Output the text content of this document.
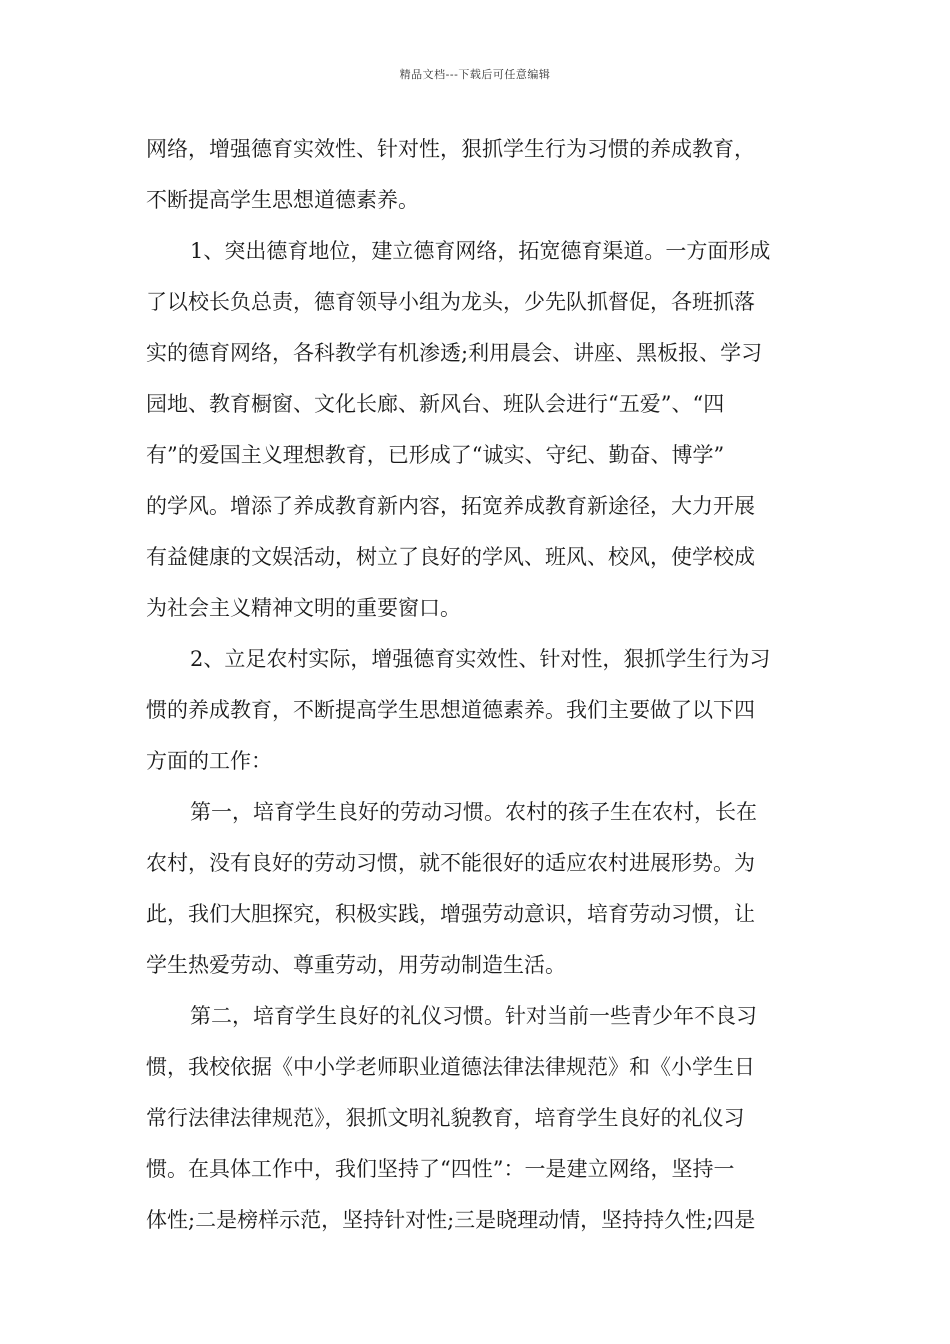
精品文档---下载后可任意编辑
网络，增强德育实效性、针对性，狠抓学生行为习惯的养成教育，
不断提高学生思想道德素养。
1、突出德育地位，建立德育网络，拓宽德育渠道。一方面形成
了以校长负总责，德育领导小组为龙头，少先队抓督促，各班抓落
实的德育网络，各科教学有机渗透;利用晨会、讲座、黑板报、学习
园地、教育橱窗、文化长廊、新风台、班队会进行“五爱”、“四
有”的爱国主义理想教育，已形成了“诚实、守纪、勤奋、博学”
的学风。增添了养成教育新内容，拓宽养成教育新途径，大力开展
有益健康的文娱活动，树立了良好的学风、班风、校风，使学校成
为社会主义精神文明的重要窗口。
2、立足农村实际，增强德育实效性、针对性，狠抓学生行为习
惯的养成教育，不断提高学生思想道德素养。我们主要做了以下四
方面的工作：
第一，培育学生良好的劳动习惯。农村的孩子生在农村，长在
农村，没有良好的劳动习惯，就不能很好的适应农村进展形势。为
此，我们大胆探究，积极实践，增强劳动意识，培育劳动习惯，让
学生热爱劳动、尊重劳动，用劳动制造生活。
第二，培育学生良好的礼仪习惯。针对当前一些青少年不良习
惯，我校依据《中小学老师职业道德法律法律规范》和《小学生日
常行法律法律规范》，狠抓文明礼貌教育，培育学生良好的礼仪习
惯。在具体工作中，我们坚持了“四性”：一是建立网络，坚持一
体性;二是榜样示范，坚持针对性;三是晓理动情，坚持持久性;四是
